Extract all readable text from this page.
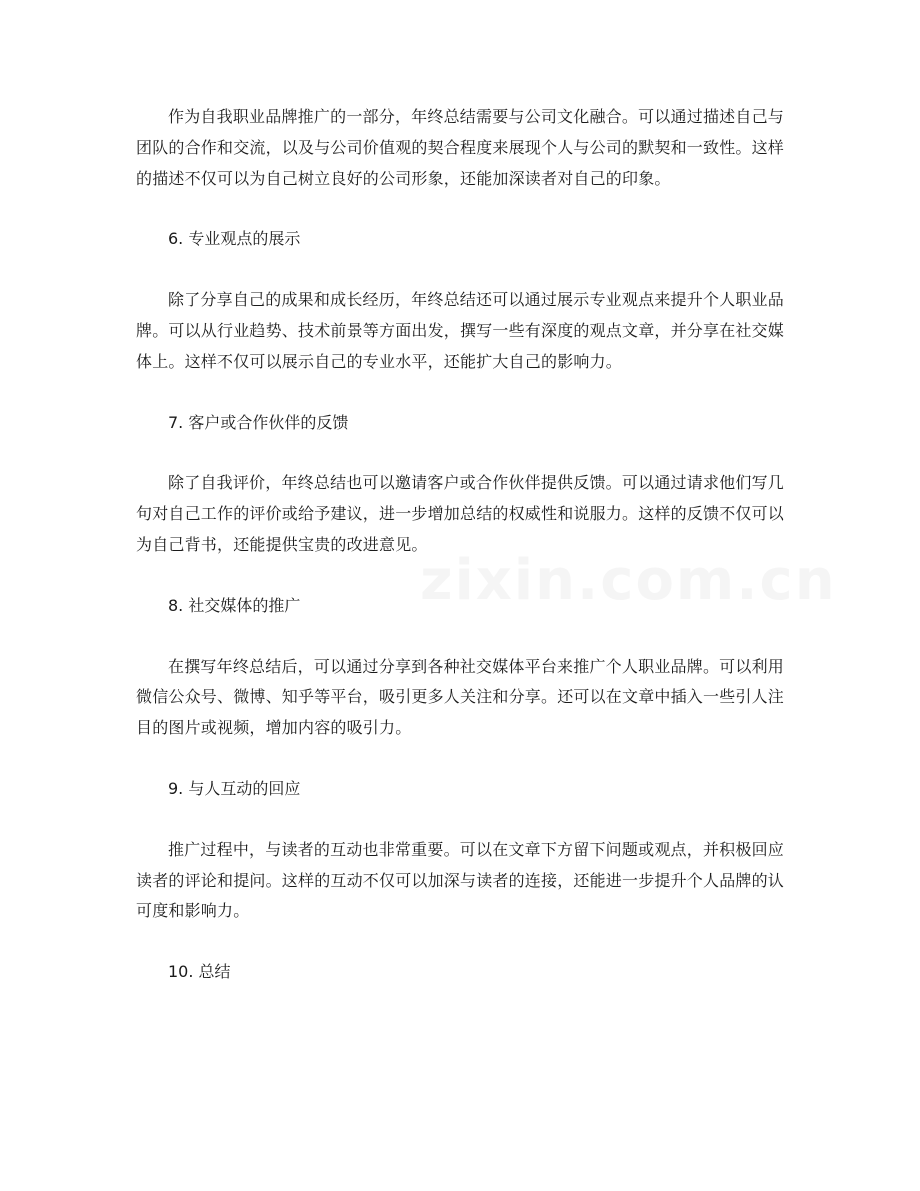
作为自我职业品牌推广的一部分，年终总结需要与公司文化融合。可以通过描述自己与团队的合作和交流，以及与公司价值观的契合程度来展现个人与公司的默契和一致性。这样的描述不仅可以为自己树立良好的公司形象，还能加深读者对自己的印象。

6. 专业观点的展示

除了分享自己的成果和成长经历，年终总结还可以通过展示专业观点来提升个人职业品牌。可以从行业趋势、技术前景等方面出发，撰写一些有深度的观点文章，并分享在社交媒体上。这样不仅可以展示自己的专业水平，还能扩大自己的影响力。

7. 客户或合作伙伴的反馈

除了自我评价，年终总结也可以邀请客户或合作伙伴提供反馈。可以通过请求他们写几句对自己工作的评价或给予建议，进一步增加总结的权威性和说服力。这样的反馈不仅可以为自己背书，还能提供宝贵的改进意见。

8. 社交媒体的推广

在撰写年终总结后，可以通过分享到各种社交媒体平台来推广个人职业品牌。可以利用微信公众号、微博、知乎等平台，吸引更多人关注和分享。还可以在文章中插入一些引人注目的图片或视频，增加内容的吸引力。

9. 与人互动的回应

推广过程中，与读者的互动也非常重要。可以在文章下方留下问题或观点，并积极回应读者的评论和提问。这样的互动不仅可以加深与读者的连接，还能进一步提升个人品牌的认可度和影响力。

10. 总结

zixin.com.cn
